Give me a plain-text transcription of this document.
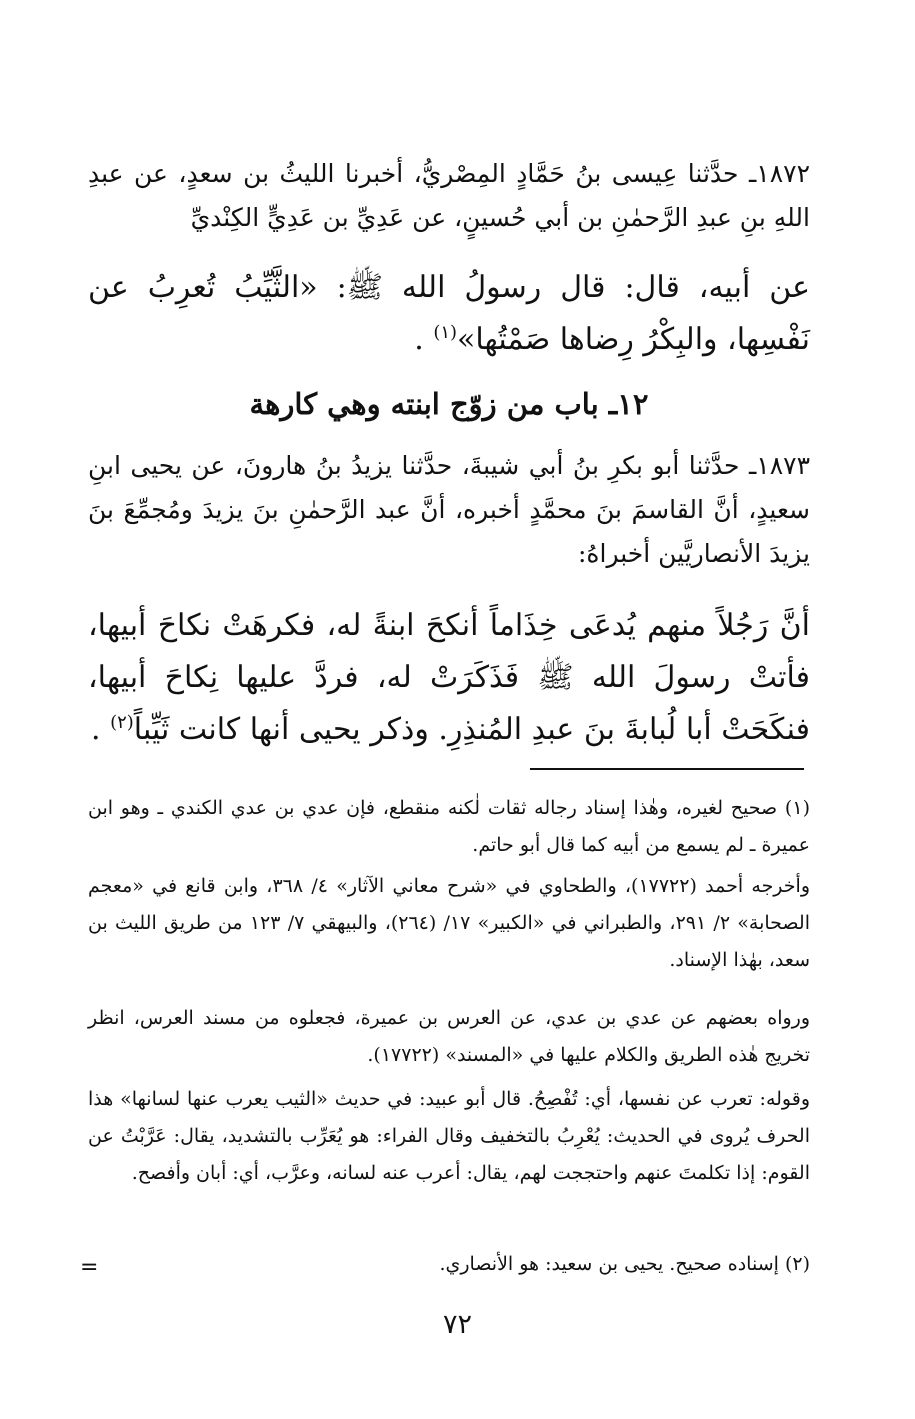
١٨٧٢ـ حدَّثنا عِيسى بنُ حَمَّادٍ المِصْريُّ، أخبرنا الليثُ بن سعدٍ، عن عبدِ اللهِ بنِ عبدِ الرَّحمٰنِ بن أبي حُسينٍ، عن عَدِيِّ بن عَدِيٍّ الكِنْديِّ

عن أبيه، قال: قال رسولُ الله ﷺ: «الثَّيِّبُ تُعرِبُ عن نَفْسِها، والبِكْرُ رِضاها صَمْتُها»$^{(١)}$ .

١٢ـ باب من زوّج ابنته وهي كارهة

١٨٧٣ـ حدَّثنا أبو بكرِ بنُ أبي شيبةَ، حدَّثنا يزيدُ بنُ هارونَ، عن يحيى ابنِ سعيدٍ، أنَّ القاسمَ بنَ محمَّدٍ أخبره، أنَّ عبد الرَّحمٰنِ بنَ يزيدَ ومُجمِّعَ بنَ يزيدَ الأنصاريَّين أخبراهُ:

أنَّ رَجُلاً منهم يُدعَى خِذَاماً أنكحَ ابنةً له، فكرهَتْ نكاحَ أبيها، فأتتْ رسولَ الله ﷺ فَذَكَرَتْ له، فردَّ عليها نِكاحَ أبيها، فنكَحَتْ أبا لُبابةَ بنَ عبدِ المُنذِرِ. وذكر يحيى أنها كانت ثَيِّباً$^{(٢)}$ .

(١) صحيح لغيره، وهٰذا إسناد رجاله ثقات لٰكنه منقطع، فإن عدي بن عدي الكندي ـ وهو ابن عميرة ـ لم يسمع من أبيه كما قال أبو حاتم.

وأخرجه أحمد (١٧٧٢٢)، والطحاوي في «شرح معاني الآثار» ٤/ ٣٦٨، وابن قانع في «معجم الصحابة» ٢/ ٢٩١، والطبراني في «الكبير» ١٧/ (٢٦٤)، والبيهقي ٧/ ١٢٣ من طريق الليث بن سعد، بهٰذا الإسناد.

ورواه بعضهم عن عدي بن عدي، عن العرس بن عميرة، فجعلوه من مسند العرس، انظر تخريج هٰذه الطريق والكلام عليها في «المسند» (١٧٧٢٢).

وقوله: تعرب عن نفسها، أي: تُفْصِحُ. قال أبو عبيد: في حديث «الثيب يعرب عنها لسانها» هذا الحرف يُروى في الحديث: يُعْرِبُ بالتخفيف وقال الفراء: هو يُعَرِّب بالتشديد، يقال: عَرَّبْتُ عن القوم: إذا تكلمتَ عنهم واحتججت لهم، يقال: أعرب عنه لسانه، وعرَّب، أي: أبان وأفصح.

(٢) إسناده صحيح. يحيى بن سعيد: هو الأنصاري.

=
٧٢
